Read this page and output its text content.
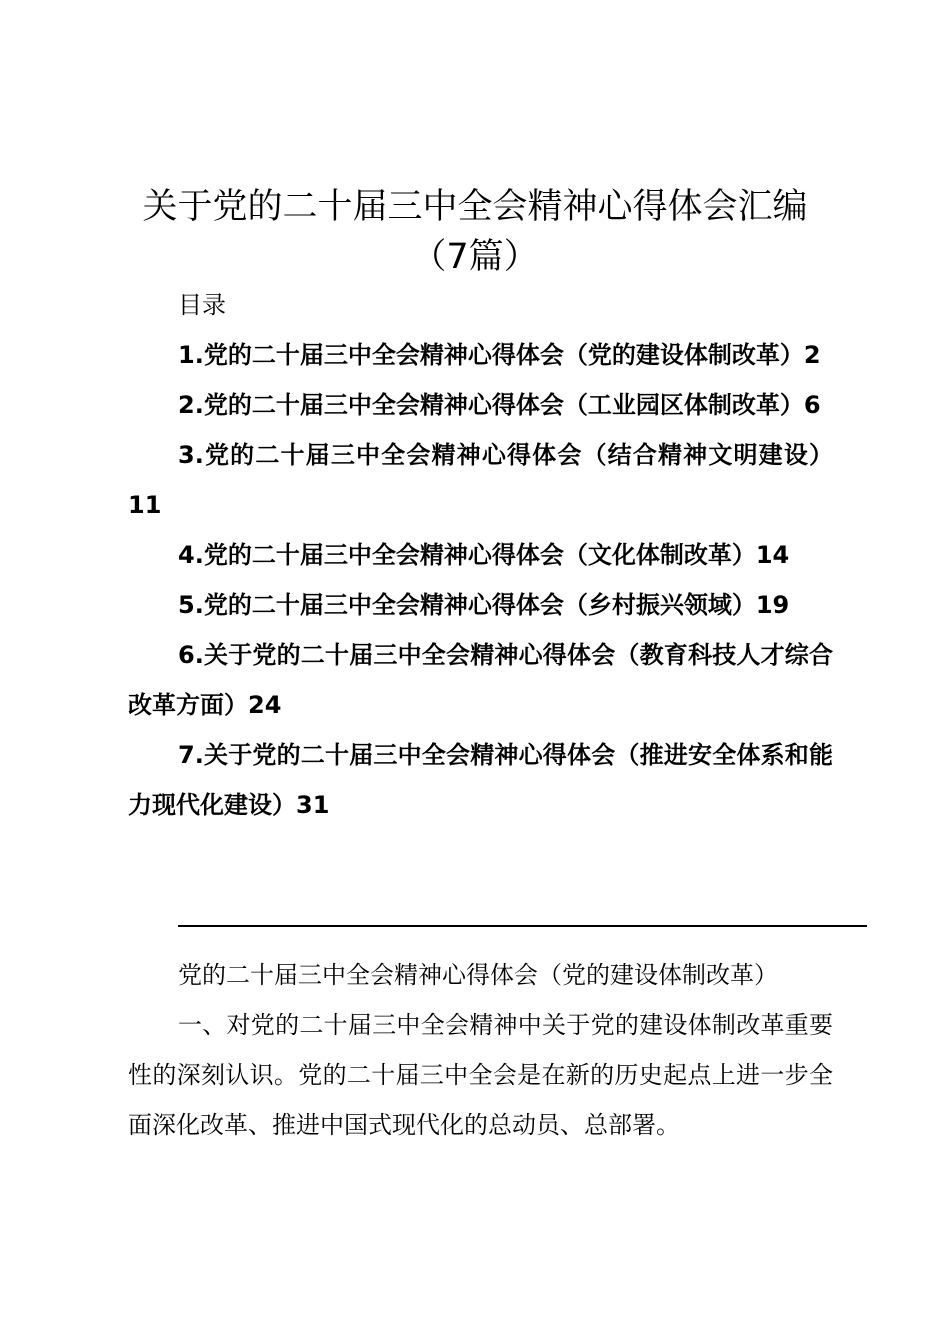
关于党的二十届三中全会精神心得体会汇编
（7篇）
目录
1.党的二十届三中全会精神心得体会（党的建设体制改革）2
2.党的二十届三中全会精神心得体会（工业园区体制改革）6
3.党的二十届三中全会精神心得体会（结合精神文明建设）11
4.党的二十届三中全会精神心得体会（文化体制改革）14
5.党的二十届三中全会精神心得体会（乡村振兴领域）19
6.关于党的二十届三中全会精神心得体会（教育科技人才综合改革方面）24
7.关于党的二十届三中全会精神心得体会（推进安全体系和能力现代化建设）31

党的二十届三中全会精神心得体会（党的建设体制改革）

一、对党的二十届三中全会精神中关于党的建设体制改革重要性的深刻认识。党的二十届三中全会是在新的历史起点上进一步全面深化改革、推进中国式现代化的总动员、总部署。
